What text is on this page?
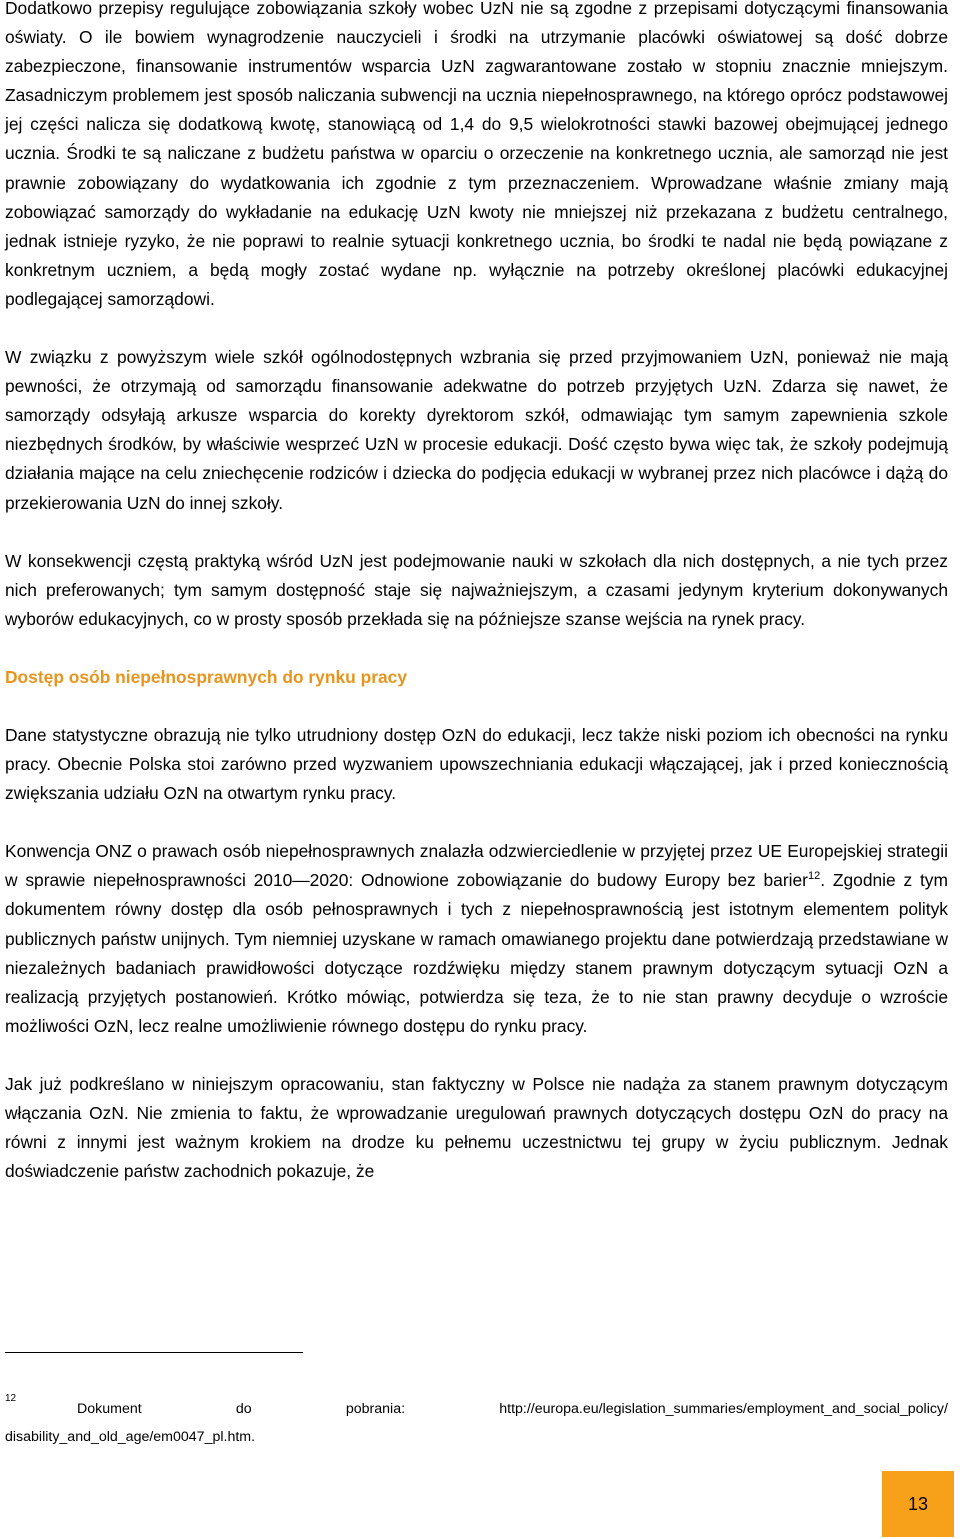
Dodatkowo przepisy regulujące zobowiązania szkoły wobec UzN nie są zgodne z przepisami dotyczącymi finansowania oświaty. O ile bowiem wynagrodzenie nauczycieli i środki na utrzymanie placówki oświatowej są dość dobrze zabezpieczone, finansowanie instrumentów wsparcia UzN zagwarantowane zostało w stopniu znacznie mniejszym. Zasadniczym problemem jest sposób naliczania subwencji na ucznia niepełnosprawnego, na którego oprócz podstawowej jej części nalicza się dodatkową kwotę, stanowiącą od 1,4 do 9,5 wielokrotności stawki bazowej obejmującej jednego ucznia. Środki te są naliczane z budżetu państwa w oparciu o orzeczenie na konkretnego ucznia, ale samorząd nie jest prawnie zobowiązany do wydatkowania ich zgodnie z tym przeznaczeniem. Wprowadzane właśnie zmiany mają zobowiązać samorządy do wykładanie na edukację UzN kwoty nie mniejszej niż przekazana z budżetu centralnego, jednak istnieje ryzyko, że nie poprawi to realnie sytuacji konkretnego ucznia, bo środki te nadal nie będą powiązane z konkretnym uczniem, a będą mogły zostać wydane np. wyłącznie na potrzeby określonej placówki edukacyjnej podlegającej samorządowi.

W związku z powyższym wiele szkół ogólnodostępnych wzbrania się przed przyjmowaniem UzN, ponieważ nie mają pewności, że otrzymają od samorządu finansowanie adekwatne do potrzeb przyjętych UzN. Zdarza się nawet, że samorządy odsyłają arkusze wsparcia do korekty dyrektorom szkół, odmawiając tym samym zapewnienia szkole niezbędnych środków, by właściwie wesprzeć UzN w procesie edukacji. Dość często bywa więc tak, że szkoły podejmują działania mające na celu zniechęcenie rodziców i dziecka do podjęcia edukacji w wybranej przez nich placówce i dążą do przekierowania UzN do innej szkoły.

W konsekwencji częstą praktyką wśród UzN jest podejmowanie nauki w szkołach dla nich dostępnych, a nie tych przez nich preferowanych; tym samym dostępność staje się najważniejszym, a czasami jedynym kryterium dokonywanych wyborów edukacyjnych, co w prosty sposób przekłada się na późniejsze szanse wejścia na rynek pracy.

Dostęp osób niepełnosprawnych do rynku pracy

Dane statystyczne obrazują nie tylko utrudniony dostęp OzN do edukacji, lecz także niski poziom ich obecności na rynku pracy. Obecnie Polska stoi zarówno przed wyzwaniem upowszechniania edukacji włączającej, jak i przed koniecznością zwiększania udziału OzN na otwartym rynku pracy.

Konwencja ONZ o prawach osób niepełnosprawnych znalazła odzwierciedlenie w przyjętej przez UE Europejskiej strategii w sprawie niepełnosprawności 2010—2020: Odnowione zobowiązanie do budowy Europy bez barier$^{12}$. Zgodnie z tym dokumentem równy dostęp dla osób pełnosprawnych i tych z niepełnosprawnością jest istotnym elementem polityk publicznych państw unijnych. Tym niemniej uzyskane w ramach omawianego projektu dane potwierdzają przedstawiane w niezależnych badaniach prawidłowości dotyczące rozdźwięku między stanem prawnym dotyczącym sytuacji OzN a realizacją przyjętych postanowień. Krótko mówiąc, potwierdza się teza, że to nie stan prawny decyduje o wzroście możliwości OzN, lecz realne umożliwienie równego dostępu do rynku pracy.

Jak już podkreślano w niniejszym opracowaniu, stan faktyczny w Polsce nie nadąża za stanem prawnym dotyczącym włączania OzN. Nie zmienia to faktu, że wprowadzanie uregulowań prawnych dotyczących dostępu OzN do pracy na równi z innymi jest ważnym krokiem na drodze ku pełnemu uczestnictwu tej grupy w życiu publicznym. Jednak doświadczenie państw zachodnich pokazuje, że

12
Dokument	do	pobrania:	http://europa.eu/legislation_summaries/employment_and_social_policy/
disability_and_old_age/em0047_pl.htm.
13
